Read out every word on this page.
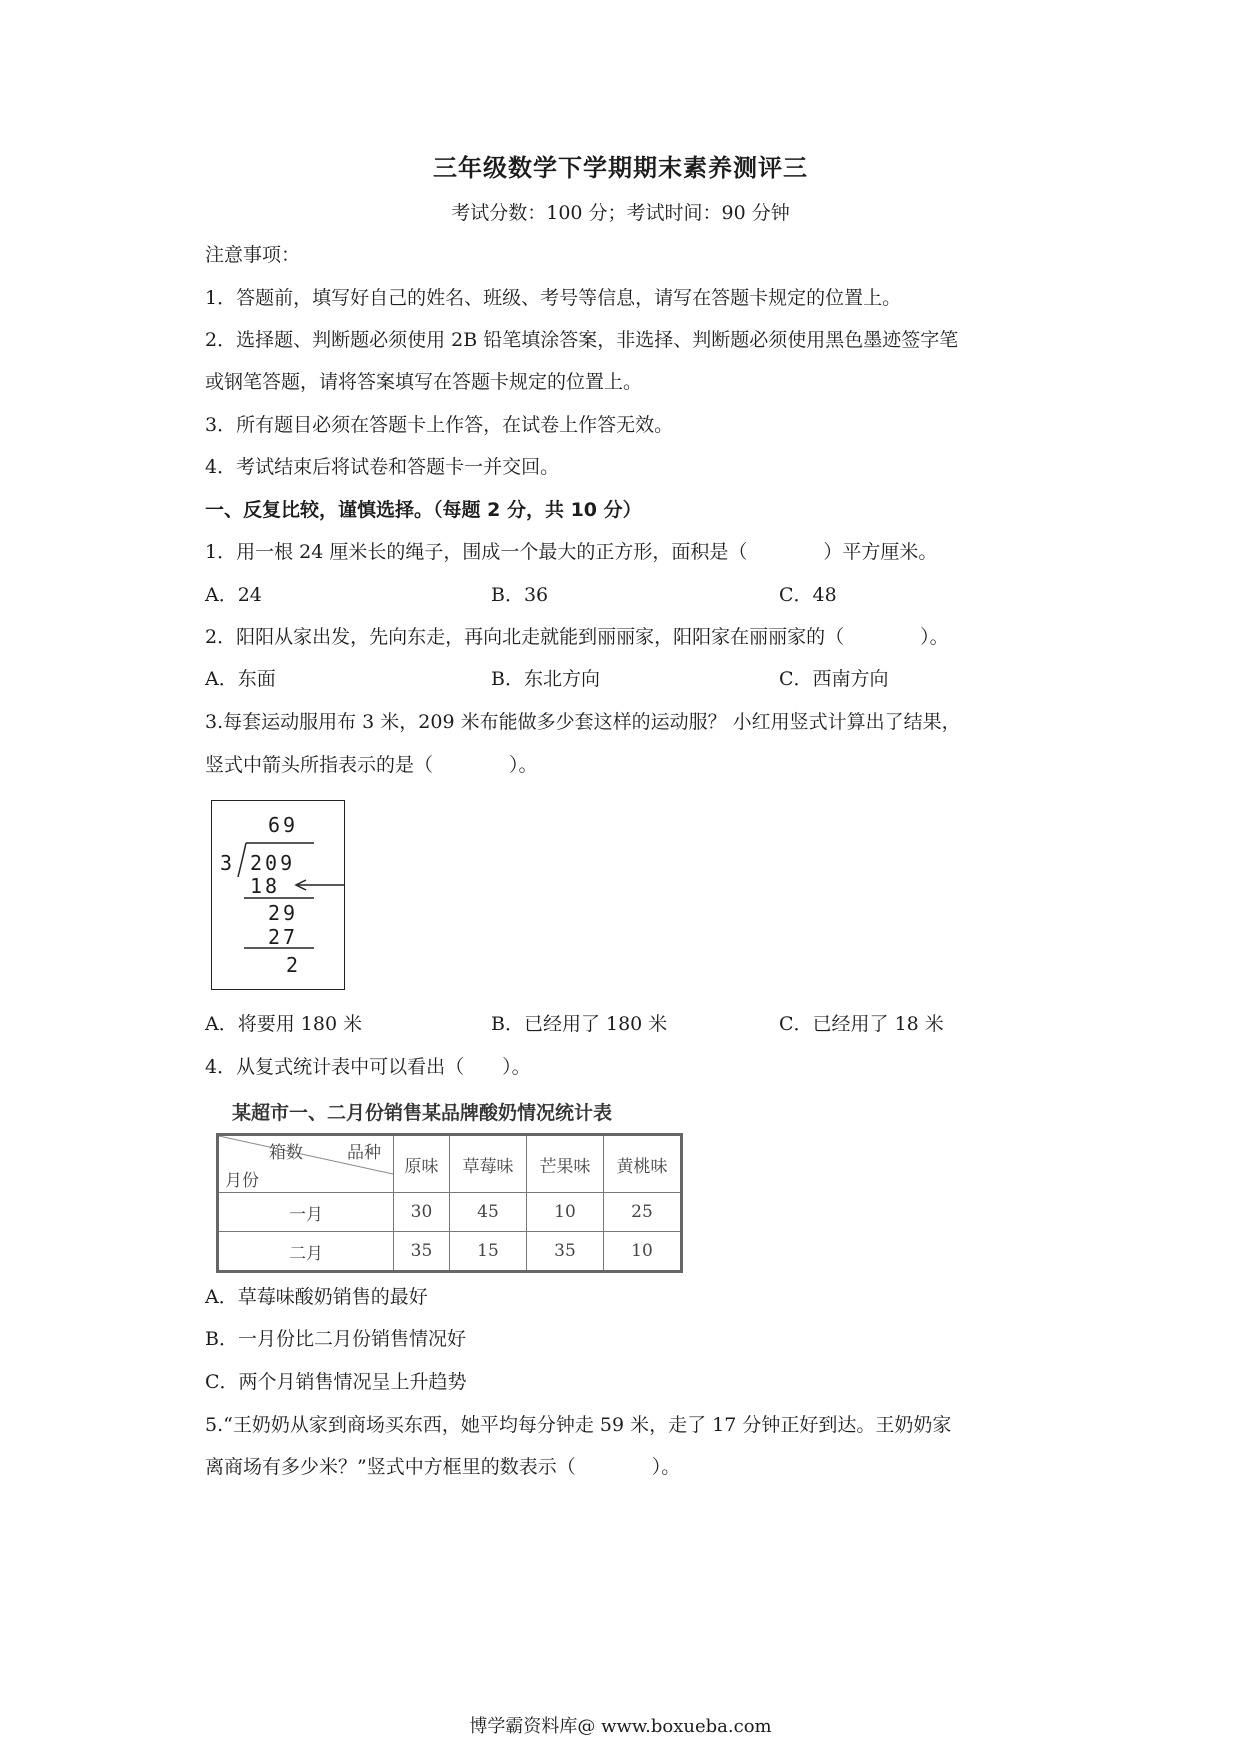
三年级数学下学期期末素养测评三
考试分数：100 分；考试时间：90 分钟
注意事项：
1．答题前，填写好自己的姓名、班级、考号等信息，请写在答题卡规定的位置上。
2．选择题、判断题必须使用 2B 铅笔填涂答案，非选择、判断题必须使用黑色墨迹签字笔
或钢笔答题，请将答案填写在答题卡规定的位置上。
3．所有题目必须在答题卡上作答，在试卷上作答无效。
4．考试结束后将试卷和答题卡一并交回。
一、反复比较，谨慎选择。（每题 2 分，共 10 分）
1．用一根 24 厘米长的绳子，围成一个最大的正方形，面积是（　　　　）平方厘米。
A．24	B．36	C．48
2．阳阳从家出发，先向东走，再向北走就能到丽丽家，阳阳家在丽丽家的（　　　　）。
A．东面	B．东北方向	C．西南方向
3.每套运动服用布 3 米，209 米布能做多少套这样的运动服？ 小红用竖式计算出了结果，
竖式中箭头所指表示的是（　　　　）。
69
3 209
18
29
27
2
A．将要用 180 米	B．已经用了 180 米	C．已经用了 18 米
4．从复式统计表中可以看出（　　）。
某超市一、二月份销售某品牌酸奶情况统计表
箱数 品种
月份	原味	草莓味	芒果味	黄桃味
一月	30	45	10	25
二月	35	15	35	10
A．草莓味酸奶销售的最好
B．一月份比二月份销售情况好
C．两个月销售情况呈上升趋势
5.“王奶奶从家到商场买东西，她平均每分钟走 59 米，走了 17 分钟正好到达。王奶奶家
离商场有多少米？”竖式中方框里的数表示（　　　　）。
博学霸资料库@ www.boxueba.com
